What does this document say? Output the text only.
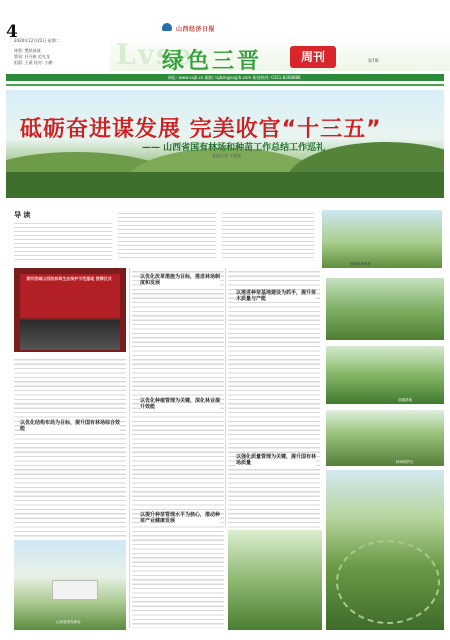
4	山西经济日报
2020年12月22日 星期二
统筹: 樊肤琦波
策划: 杜开筱 范先龙
组版: 王燕 校对: 小鹏 Lvse
绿色三晋	周刊	第7期
网址: www.sxjb.cn 邮箱: lsjbzk@sxjjrb.com 新闻热线: 0351-8268888
砥砺奋进谋发展 完美收官“十三五”
—— 山西省国有林场和种苗工作总结工作巡礼
本报记者 王晓勇
导 读
国有林场风景
黄河流域山西段林草生态保护示范基地 授牌仪式	以优化改革措施为目标，推进林场制度和发展
以优化种植管理为关键，深化林业提升效能
以优化结构布局为目标，提升国有林场综合效能
以推进种苗基地建设为抓手，提升苗木质量与产能
以提升种苗管理水平为核心，推动种苗产业健康发展
以强化质量管理为关键，提升国有林场质量
苗圃基地
林场保护区
山西省国有林场
